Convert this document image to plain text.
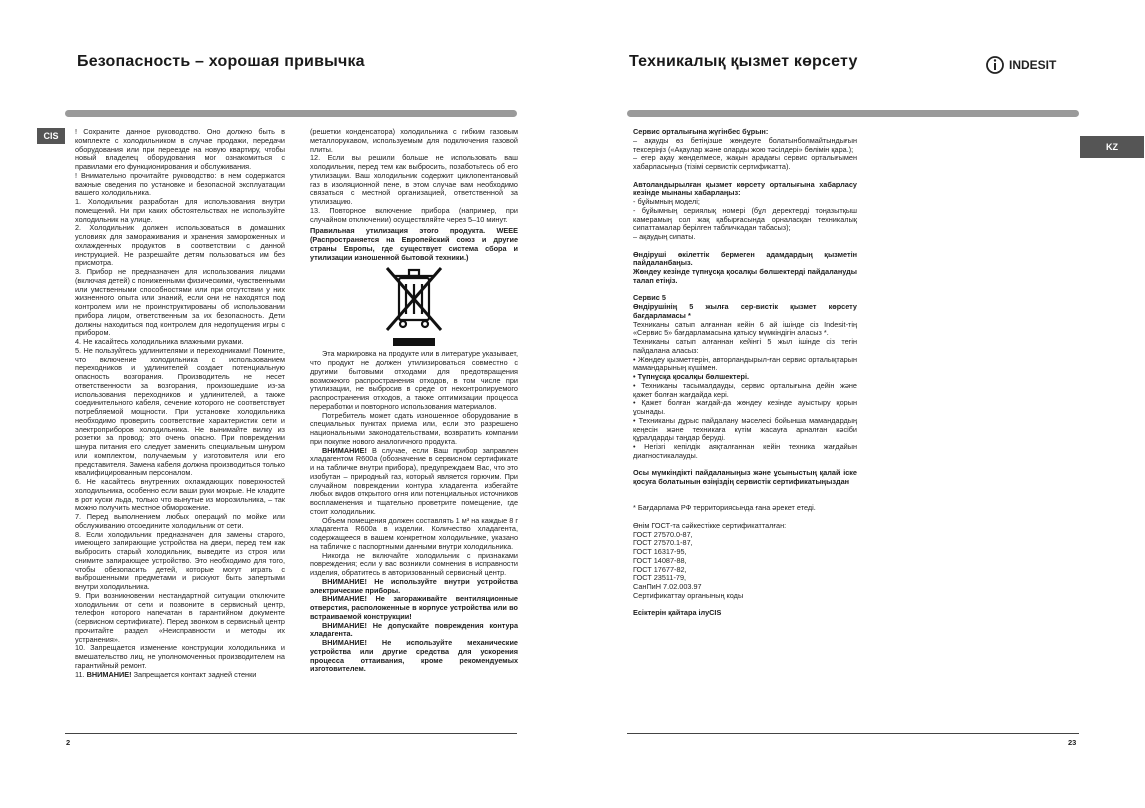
Безопасность – хорошая привычка
CIS ! Сохраните данное руководство. Оно должно быть в комплекте с холодильником в случае продажи, передачи оборудования или при переезде на новую квартиру, чтобы новый владелец оборудования мог ознакомиться с правилами его функционирования и обслуживания.

! Внимательно прочитайте руководство: в нем содержатся важные сведения по установке и безопасной эксплуатации вашего холодильника.

1. Холодильник разработан для использования внутри помещений. Ни при каких обстоятельствах не используйте холодильник на улице.

2. Холодильник должен использоваться в домашних условиях для замораживания и хранения замороженных и охлажденных продуктов в соответствии с данной инструкцией. Не разрешайте детям пользоваться им без присмотра.

3. Прибор не предназначен для использования лицами (включая детей) с пониженными физическими, чувственными или умственными способностями или при отсутствии у них жизненного опыта или знаний, если они не находятся под контролем или не проинструктированы об использовании прибора лицом, ответственным за их безопасность. Дети должны находиться под контролем для недопущения игры с прибором.

4. Не касайтесь холодильника влажными руками.

5. Не пользуйтесь удлинителями и переходниками! Помните, что включение холодильника с использованием переходников и удлинителей создает потенциальную опасность возгорания. Производитель не несет ответственности за возгорания, произошедшие из-за использования переходников и удлинителей, а также соединительного кабеля, сечение которого не соответствует потребляемой мощности. При установке холодильника необходимо проверить соответствие характеристик сети и электроприборов холодильника. Не вынимайте вилку из розетки за провод: это очень опасно. При повреждении шнура питания его следует заменить специальным шнуром или комплектом, получаемым у изготовителя или его представителя. Замена кабеля должна производиться только квалифицированным персоналом.

6. Не касайтесь внутренних охлаждающих поверхностей холодильника, особенно если ваши руки мокрые. Не кладите в рот куски льда, только что вынутые из морозильника, – так можно получить местное обморожение.

7. Перед выполнением любых операций по мойке или обслуживанию отсоедините холодильник от сети.

8. Если холодильник предназначен для замены старого, имеющего запирающие устройства на двери, перед тем как выбросить старый холодильник, выведите из строя или снимите запирающее устройство. Это необходимо для того, чтобы обезопасить детей, которые могут играть с выброшенными предметами и рискуют быть запертыми внутри холодильника.

9. При возникновении нестандартной ситуации отключите холодильник от сети и позвоните в сервисный центр, телефон которого напечатан в гарантийном документе (сервисном сертификате). Перед звонком в сервисный центр прочитайте раздел «Неисправности и методы их устранения».

10. Запрещается изменение конструкции холодильника и вмешательство лиц, не уполномоченных производителем на гарантийный ремонт.

11. ВНИМАНИЕ! Запрещается контакт задней стенки

(решетки конденсатора) холодильника с гибким газовым металлорукавом, используемым для подключения газовой плиты.

12. Если вы решили больше не использовать ваш холодильник, перед тем как выбросить, позаботьтесь об его утилизации. Ваш холодильник содержит циклопентановый газ в изоляционной пене, в этом случае вам необходимо связаться с местной организацией, ответственной за утилизацию.

13. Повторное включение прибора (например, при случайном отключении) осуществляйте через 5–10 минут.

Правильная утилизация этого продукта. WEEE (Распространяется на Европейский союз и другие страны Европы, где существует система сбора и утилизации изношенной бытовой техники.)

Эта маркировка на продукте или в литературе указывает, что продукт не должен утилизироваться совместно с другими бытовыми отходами для предотвращения возможного распространения отходов, в том числе при утилизации, не выбросив в среде от неконтролируемого распространения отходов, а также оптимизации процесса переработки и повторного использования материалов.

Потребитель может сдать изношенное оборудование в специальных пунктах приема или, если это разрешено национальными законодательствами, возвратить компании при покупке нового аналогичного продукта.

ВНИМАНИЕ! В случае, если Ваш прибор заправлен хладагентом R600a (обозначение в сервисном сертификате и на табличке внутри прибора), предупреждаем Вас, что это изобутан – природный газ, который является горючим. При случайном повреждении контура хладагента избегайте любых видов открытого огня или потенциальных источников воспламенения и тщательно проветрите помещение, где стоит холодильник.

Объем помещения должен составлять 1 м³ на каждые 8 г хладагента R600a в изделии. Количество хладагента, содержащееся в вашем конкретном холодильнике, указано на табличке с паспортными данными внутри холодильника.

Никогда не включайте холодильник с признаками повреждения; если у вас возникли сомнения в исправности изделия, обратитесь в авторизованный сервисный центр.

ВНИМАНИЕ! Не используйте внутри устройства электрические приборы.

ВНИМАНИЕ! Не загораживайте вентиляционные отверстия, расположенные в корпусе устройства или во встраиваемой конструкции!

ВНИМАНИЕ! Не допускайте повреждения контура хладагента.

ВНИМАНИЕ! Не используйте механические устройства или другие средства для ускорения процесса оттаивания, кроме рекомендуемых изготовителем.

2
Техникалық қызмет көрсету	INDESIT
KZ

Сервис орталығына жүгінбес бұрын:

– ақауды өз бетіңізше жөндеуге болатынболмайтындығын тексеріңіз («Ақаулар және оларды жою тәсілдері» бөлімін қара.);

– егер ақау жөнделмесе, жақын арадағы сервис орталығымен хабарласыңыз (тізімі сервистік сертификатта).

Автоландырылған қызмет көрсету орталығына хабарласу кезінде мынаны хабарлаңыз:

- бұйымның моделі;

- бұйымның сериялық номері (бұл деректерді тоңазытқыш камерамың сол жақ қабырғасында орналасқан техникалық сипаттамалар берілген табличкадан табасыз);

– ақаудың сипаты.

Өндіруші өкілеттік бермеген адамдардың қызметін пайдаланбаңыз.

Жөндеу кезінде түпнұсқа қосалқы бөлшектерді пайдалануды талап етіңіз.

Сервис 5

Өндірушінің 5 жылға сер-вистік қызмет көрсету бағдарламасы *

Техниканы сатып алғаннан кейін 6 ай ішінде сіз Indesit-тің «Сервис 5» бағдарламасына қатысу мүмкіндігін аласыз *.

Техниканы сатып алғаннан кейінгі 5 жыл ішінде сіз тегін пайдалана аласыз:

• Жөндеу қызметтерін, авторландырыл-ған сервис орталықтарын мамандарының күшімен.

• Түпнұсқа қосалқы бөлшектері.

• Техниканы тасымалдауды, сервис орталығына дейін және қажет болған жағдайда кері.

• Қажет болған жағдай-да жөндеу кезінде ауыстыру қорын ұсынады.

• Техниканы дұрыс пайдалану мәселесі бойынша мамандардың кеңесін және техникаға күтім жасауға арналған кәсіби құралдарды таңдар беруді.

• Негізгі кепілдік аяқталғаннан кейін техника жағдайын диагностикалауды.

Осы мүмкіндікті пайдаланыңыз және ұсыныстың қалай іске қосуға болатынын өзіңіздің сервистік сертификатыңыздан

* Бағдарлама РФ территориясында ғана әрекет етеді.

Өнім ГОСТ-та сәйкестікке сертификатталған:

ГОСТ 27570.0-87,

ГОСТ 27570.1-87,

ГОСТ 16317-95,

ГОСТ 14087-88,

ГОСТ 17677-82,

ГОСТ 23511-79,

СанПиН 7.02.003.97

Сертификаттау органының коды

Есіктерін қайтара ілуCIS

23
